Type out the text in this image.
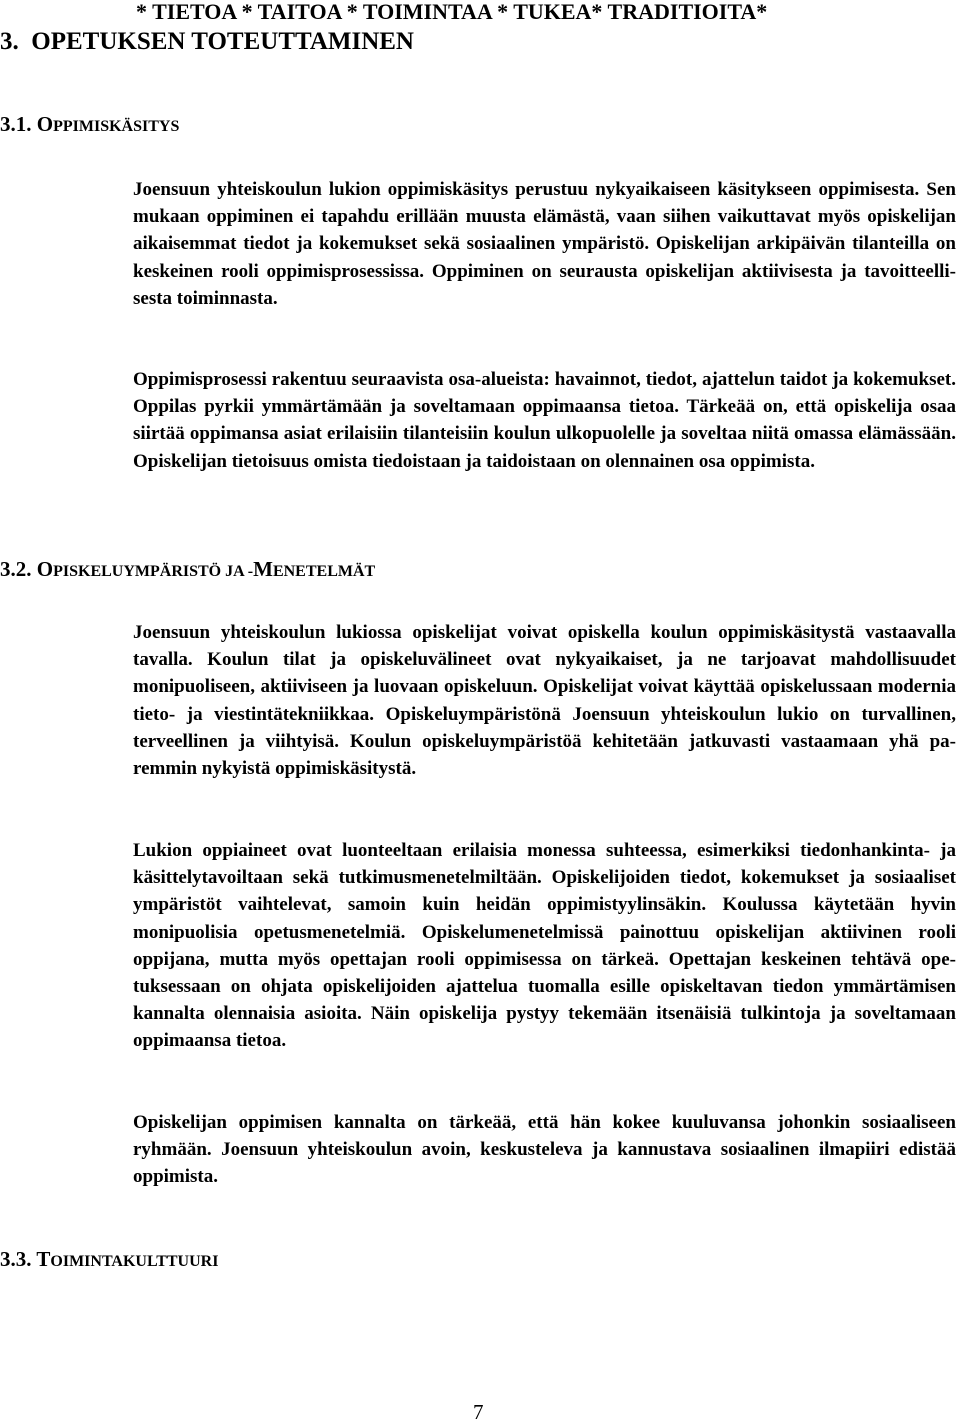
* TIETOA * TAITOA * TOIMINTAA * TUKEA* TRADITIOITA*
3.  OPETUKSEN TOTEUTTAMINEN
3.1. OPPIMISKÄSITYS

Joensuun yhteiskoulun lukion oppimiskäsitys perustuu nykyaikaiseen käsitykseen oppimisesta. Sen mukaan oppiminen ei tapahdu erillään muusta elämästä, vaan siihen vaikuttavat myös opiskelijan aikaisemmat tiedot ja kokemukset sekä sosiaalinen ympäristö. Opiskelijan arkipäivän tilanteilla on keskeinen rooli oppimisprosessissa. Oppiminen on seurausta opiskelijan aktiivisesta ja tavoitteellisesta toiminnasta.

Oppimisprosessi rakentuu seuraavista osa-alueista: havainnot, tiedot, ajattelun taidot ja kokemukset. Oppilas pyrkii ymmärtämään ja soveltamaan oppimaansa tietoa. Tärkeää on, että opiskelija osaa siirtää oppimansa asiat erilaisiin tilanteisiin koulun ulkopuolelle ja soveltaa niitä omassa elämässään. Opiskelijan tietoisuus omista tiedoistaan ja taidoistaan on olennainen osa oppimista.

3.2. OPISKELUYMPÄRISTÖ JA -MENETELMÄT

Joensuun yhteiskoulun lukiossa opiskelijat voivat opiskella koulun oppimiskäsitystä vastaavalla tavalla. Koulun tilat ja opiskeluvälineet ovat nykyaikaiset, ja ne tarjoavat mahdollisuudet monipuoliseen, aktiiviseen ja luovaan opiskeluun. Opiskelijat voivat käyttää opiskelussaan modernia tieto- ja viestintätekniikkaa. Opiskeluympäristönä Joensuun yhteiskoulun lukio on turvallinen, terveellinen ja viihtyisä. Koulun opiskeluympäristöä kehitetään jatkuvasti vastaamaan yhä paremmin nykyistä oppimiskäsitystä.

Lukion oppiaineet ovat luonteeltaan erilaisia monessa suhteessa, esimerkiksi tiedonhankinta- ja käsittelytavoiltaan sekä tutkimusmenetelmiltään. Opiskelijoiden tiedot, kokemukset ja sosiaaliset ympäristöt vaihtelevat, samoin kuin heidän oppimistyylinsäkin. Koulussa käytetään hyvin monipuolisia opetusmenetelmiä. Opiskelumenetelmissä painottuu opiskelijan aktiivinen rooli oppijana, mutta myös opettajan rooli oppimisessa on tärkeä. Opettajan keskeinen tehtävä opetuksessaan on ohjata opiskelijoiden ajattelua tuomalla esille opiskeltavan tiedon ymmärtämisen kannalta olennaisia asioita. Näin opiskelija pystyy tekemään itsenäisiä tulkintoja ja soveltamaan oppimaansa tietoa.

Opiskelijan oppimisen kannalta on tärkeää, että hän kokee kuuluvansa johonkin sosiaaliseen ryhmään. Joensuun yhteiskoulun avoin, keskusteleva ja kannustava sosiaalinen ilmapiiri edistää oppimista.

3.3. TOIMINTAKULTTUURI
7
